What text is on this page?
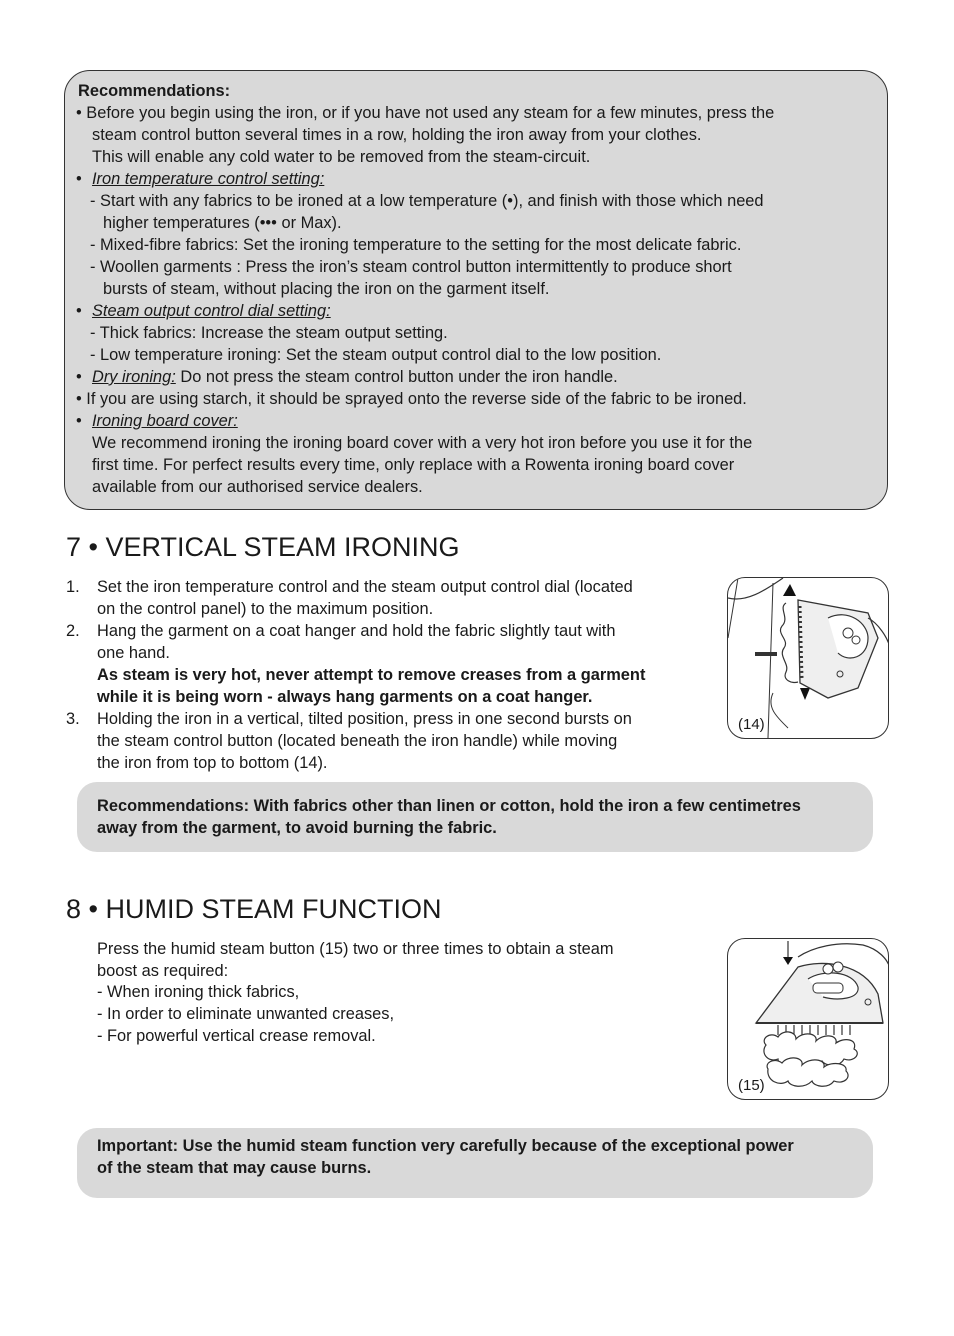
Recommendations:
• Before you begin using the iron, or if you have not used any steam for a few minutes, press the
steam control button several times in a row, holding the iron away from your clothes.
This will enable any cold water to be removed from the steam-circuit.
• Iron temperature control setting:
- Start with any fabrics to be ironed at a low temperature (•), and finish with those which need
higher temperatures (••• or Max).
- Mixed-fibre fabrics: Set the ironing temperature to the setting for the most delicate fabric.
- Woollen garments : Press the iron’s steam control button intermittently to produce short
bursts of steam, without placing the iron on the garment itself.
• Steam output control dial setting:
- Thick fabrics: Increase the steam output setting.
- Low temperature ironing: Set the steam output control dial to the low position.
• Dry ironing: Do not press the steam control button under the iron handle.
• If you are using starch, it should be sprayed onto the reverse side of the fabric to be ironed.
• Ironing board cover:
We recommend ironing the ironing board cover with a very hot iron before you use it for the
first time. For perfect results every time, only replace with a Rowenta ironing board cover
available from our authorised service dealers.
7 • VERTICAL STEAM IRONING
1. Set the iron temperature control and the steam output control dial (located
on the control panel) to the maximum position.
2. Hang the garment on a coat hanger and hold the fabric slightly taut with
one hand.
As steam is very hot, never attempt to remove creases from a garment
while it is being worn - always hang garments on a coat hanger.
3. Holding the iron in a vertical, tilted position, press in one second bursts on
the steam control button (located beneath the iron handle) while moving
the iron from top to bottom (14).
(14)
Recommendations: With fabrics other than linen or cotton, hold the iron a few centimetres
away from the garment, to avoid burning the fabric.
8 • HUMID STEAM FUNCTION
Press the humid steam button (15) two or three times to obtain a steam
boost as required:
- When ironing thick fabrics,
- In order to eliminate unwanted creases,
- For powerful vertical crease removal.
(15)
Important: Use the humid steam function very carefully because of the exceptional power
of the steam that may cause burns.
